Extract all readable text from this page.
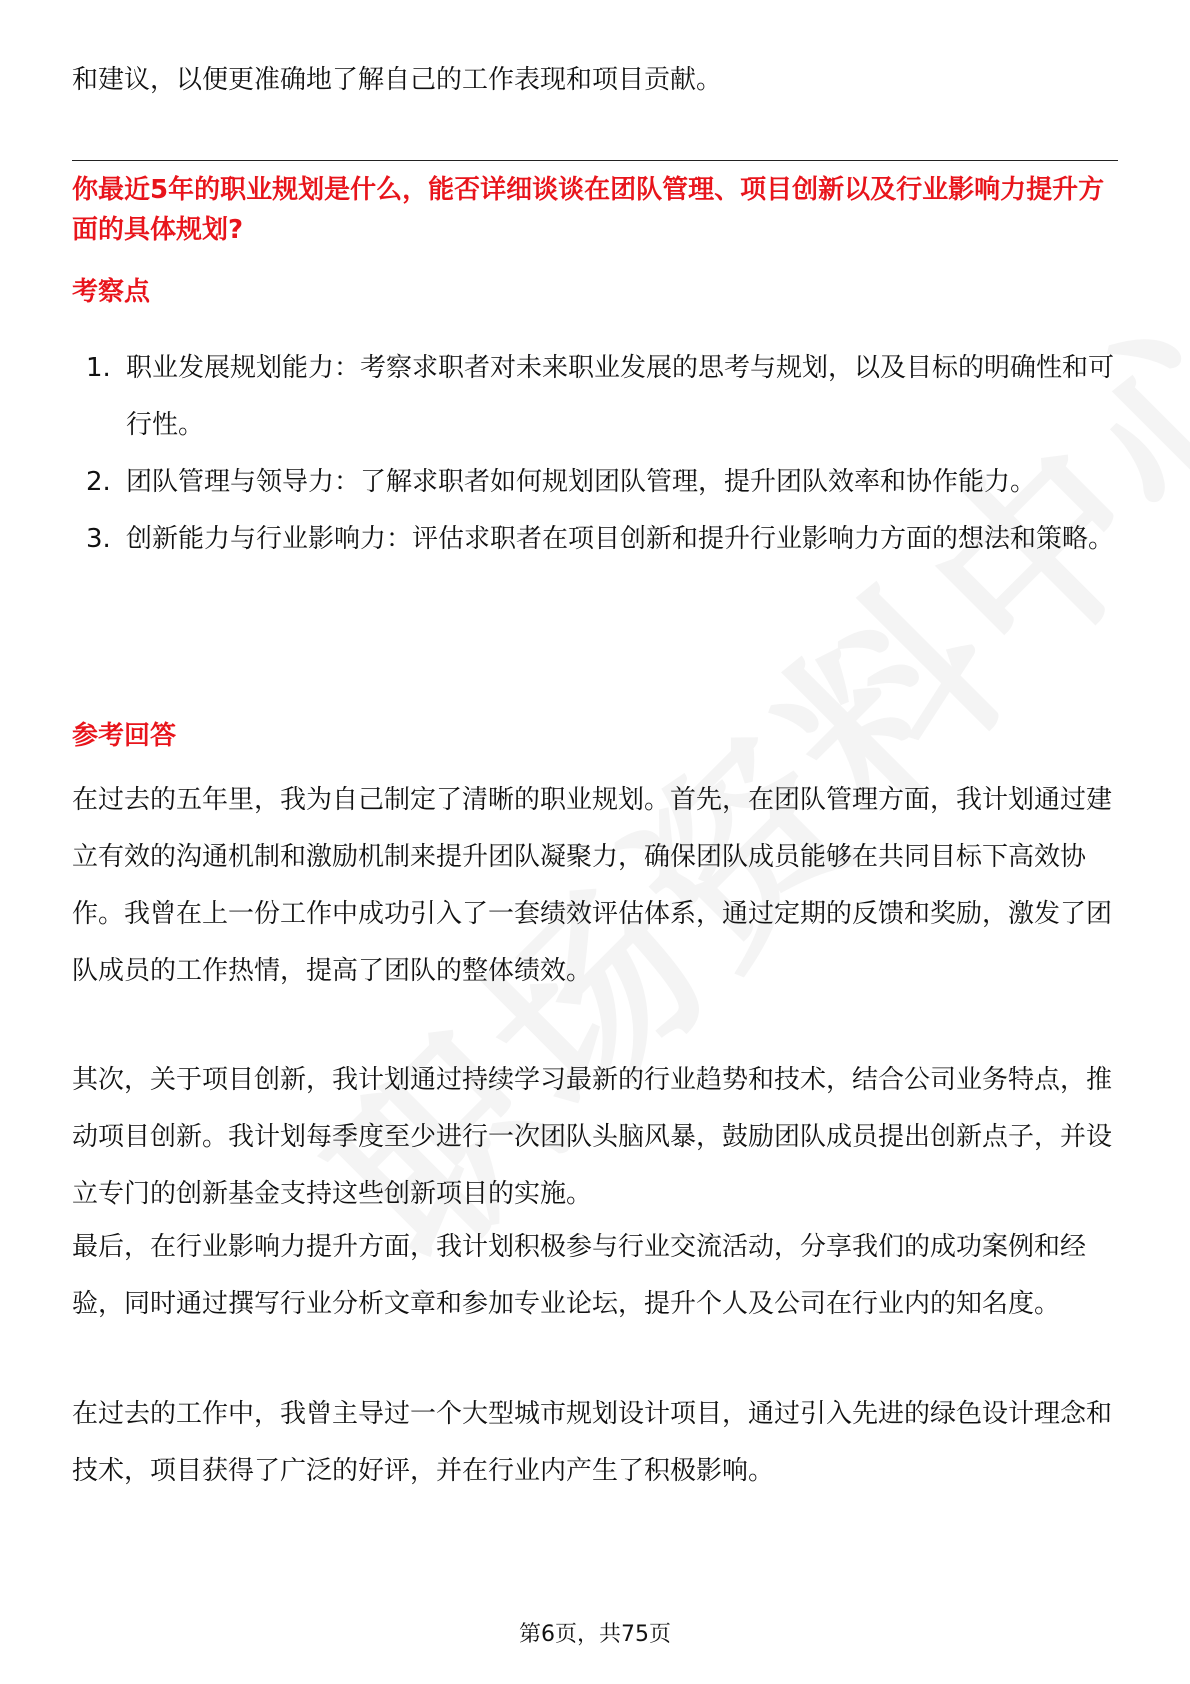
和建议，以便更准确地了解自己的工作表现和项目贡献。

你最近5年的职业规划是什么，能否详细谈谈在团队管理、项目创新以及行业影响力提升方面的具体规划?

考察点

1. 职业发展规划能力：考察求职者对未来职业发展的思考与规划，以及目标的明确性和可行性。
2. 团队管理与领导力：了解求职者如何规划团队管理，提升团队效率和协作能力。
3. 创新能力与行业影响力：评估求职者在项目创新和提升行业影响力方面的想法和策略。

参考回答

在过去的五年里，我为自己制定了清晰的职业规划。首先，在团队管理方面，我计划通过建立有效的沟通机制和激励机制来提升团队凝聚力，确保团队成员能够在共同目标下高效协作。我曾在上一份工作中成功引入了一套绩效评估体系，通过定期的反馈和奖励，激发了团队成员的工作热情，提高了团队的整体绩效。

其次，关于项目创新，我计划通过持续学习最新的行业趋势和技术，结合公司业务特点，推动项目创新。我计划每季度至少进行一次团队头脑风暴，鼓励团队成员提出创新点子，并设立专门的创新基金支持这些创新项目的实施。

最后，在行业影响力提升方面，我计划积极参与行业交流活动，分享我们的成功案例和经验，同时通过撰写行业分析文章和参加专业论坛，提升个人及公司在行业内的知名度。

在过去的工作中，我曾主导过一个大型城市规划设计项目，通过引入先进的绿色设计理念和技术，项目获得了广泛的好评，并在行业内产生了积极影响。

第6页，共75页
